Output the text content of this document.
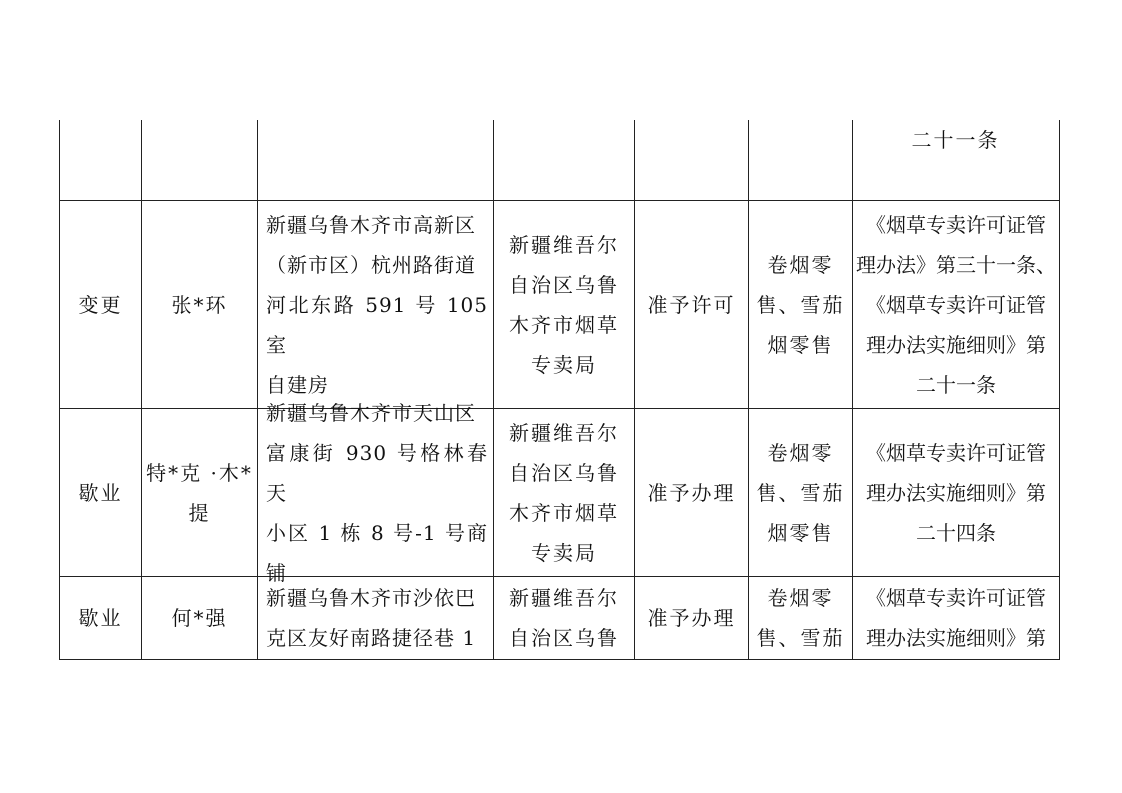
二十一条
变更 张*环
新疆乌鲁木齐市高新区
（新市区）杭州路街道
河北东路 591 号 105 室
自建房
新疆维吾尔
自治区乌鲁
木齐市烟草
专卖局
准予许可
卷烟零
售、雪茄
烟零售
《烟草专卖许可证管
理办法》第三十一条、
《烟草专卖许可证管
理办法实施细则》第
二十一条
歇业
特*克 ·木*
提
新疆乌鲁木齐市天山区
富康街 930 号格林春天
小区 1 栋 8 号-1 号商铺
新疆维吾尔
自治区乌鲁
木齐市烟草
专卖局
准予办理
卷烟零
售、雪茄
烟零售
《烟草专卖许可证管
理办法实施细则》第
二十四条
歇业 何*强
新疆乌鲁木齐市沙依巴
克区友好南路捷径巷 1
新疆维吾尔
自治区乌鲁
准予办理
卷烟零
售、雪茄
《烟草专卖许可证管
理办法实施细则》第
